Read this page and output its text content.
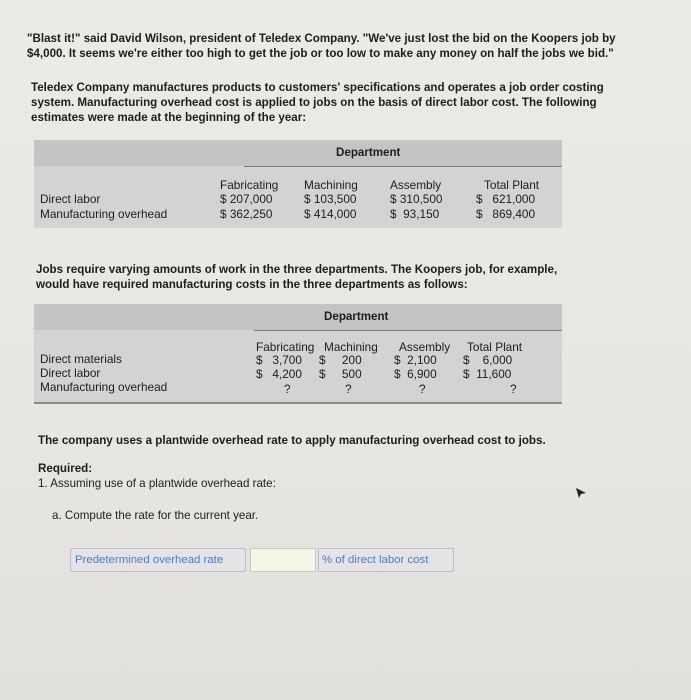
"Blast it!" said David Wilson, president of Teledex Company. "We've just lost the bid on the Koopers job by
$4,000. It seems we're either too high to get the job or too low to make any money on half the jobs we bid."
Teledex Company manufactures products to customers' specifications and operates a job order costing
system. Manufacturing overhead cost is applied to jobs on the basis of direct labor cost. The following
estimates were made at the beginning of the year:
Department
Fabricating Machining	Assembly	Total Plant
Direct labor	$ 207,000	$ 103,500	$ 310,500	$   621,000
Manufacturing overhead	$ 362,250	$ 414,000	$  93,150	$   869,400
Jobs require varying amounts of work in the three departments. The Koopers job, for example,
would have required manufacturing costs in the three departments as follows:
Department
Fabricating Machining Assembly Total Plant
Direct materials	$   3,700 $     200	$  2,100 $    6,000
Direct labor	$   4,200 $     500	$  6,900 $  11,600
Manufacturing overhead	?	?	?	?
The company uses a plantwide overhead rate to apply manufacturing overhead cost to jobs.
Required:
1. Assuming use of a plantwide overhead rate:
a. Compute the rate for the current year.
Predetermined overhead rate	% of direct labor cost
